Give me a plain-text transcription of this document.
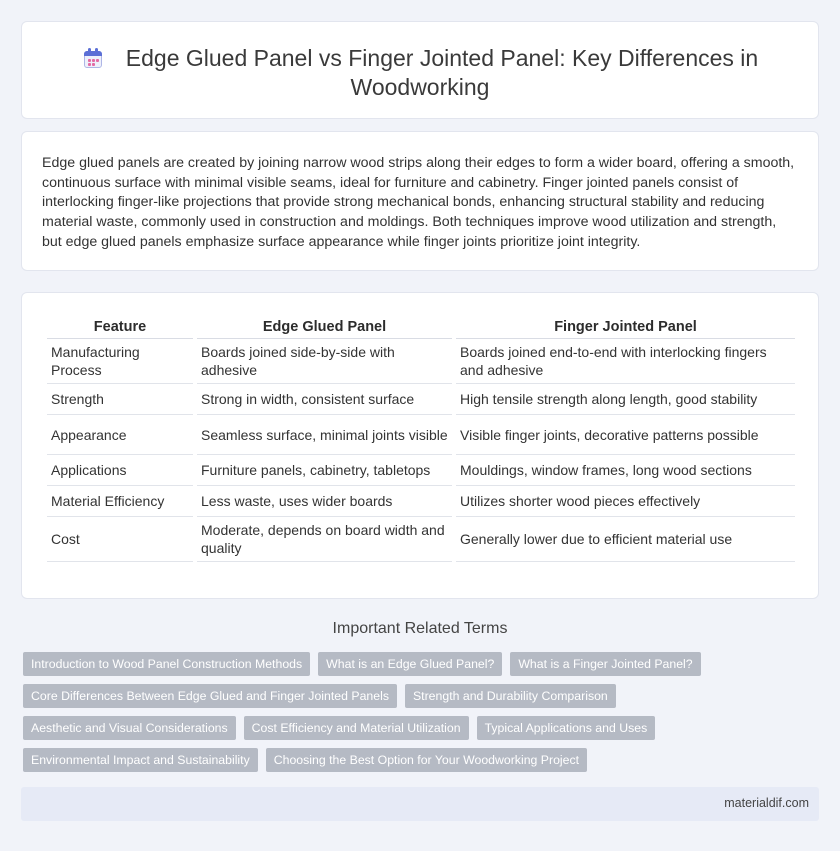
Edge Glued Panel vs Finger Jointed Panel: Key Differences in Woodworking

Edge glued panels are created by joining narrow wood strips along their edges to form a wider board, offering a smooth, continuous surface with minimal visible seams, ideal for furniture and cabinetry. Finger jointed panels consist of interlocking finger-like projections that provide strong mechanical bonds, enhancing structural stability and reducing material waste, commonly used in construction and moldings. Both techniques improve wood utilization and strength, but edge glued panels emphasize surface appearance while finger joints prioritize joint integrity.

Feature	Edge Glued Panel	Finger Jointed Panel
Manufacturing Process	Boards joined side-by-side with adhesive	Boards joined end-to-end with interlocking fingers and adhesive
Strength	Strong in width, consistent surface	High tensile strength along length, good stability
Appearance	Seamless surface, minimal joints visible	Visible finger joints, decorative patterns possible
Applications	Furniture panels, cabinetry, tabletops	Mouldings, window frames, long wood sections
Material Efficiency	Less waste, uses wider boards	Utilizes shorter wood pieces effectively
Cost	Moderate, depends on board width and quality	Generally lower due to efficient material use
Important Related Terms
Introduction to Wood Panel Construction Methods	What is an Edge Glued Panel?	What is a Finger Jointed Panel?
Core Differences Between Edge Glued and Finger Jointed Panels	Strength and Durability Comparison
Aesthetic and Visual Considerations	Cost Efficiency and Material Utilization	Typical Applications and Uses
Environmental Impact and Sustainability	Choosing the Best Option for Your Woodworking Project
materialdif.com
